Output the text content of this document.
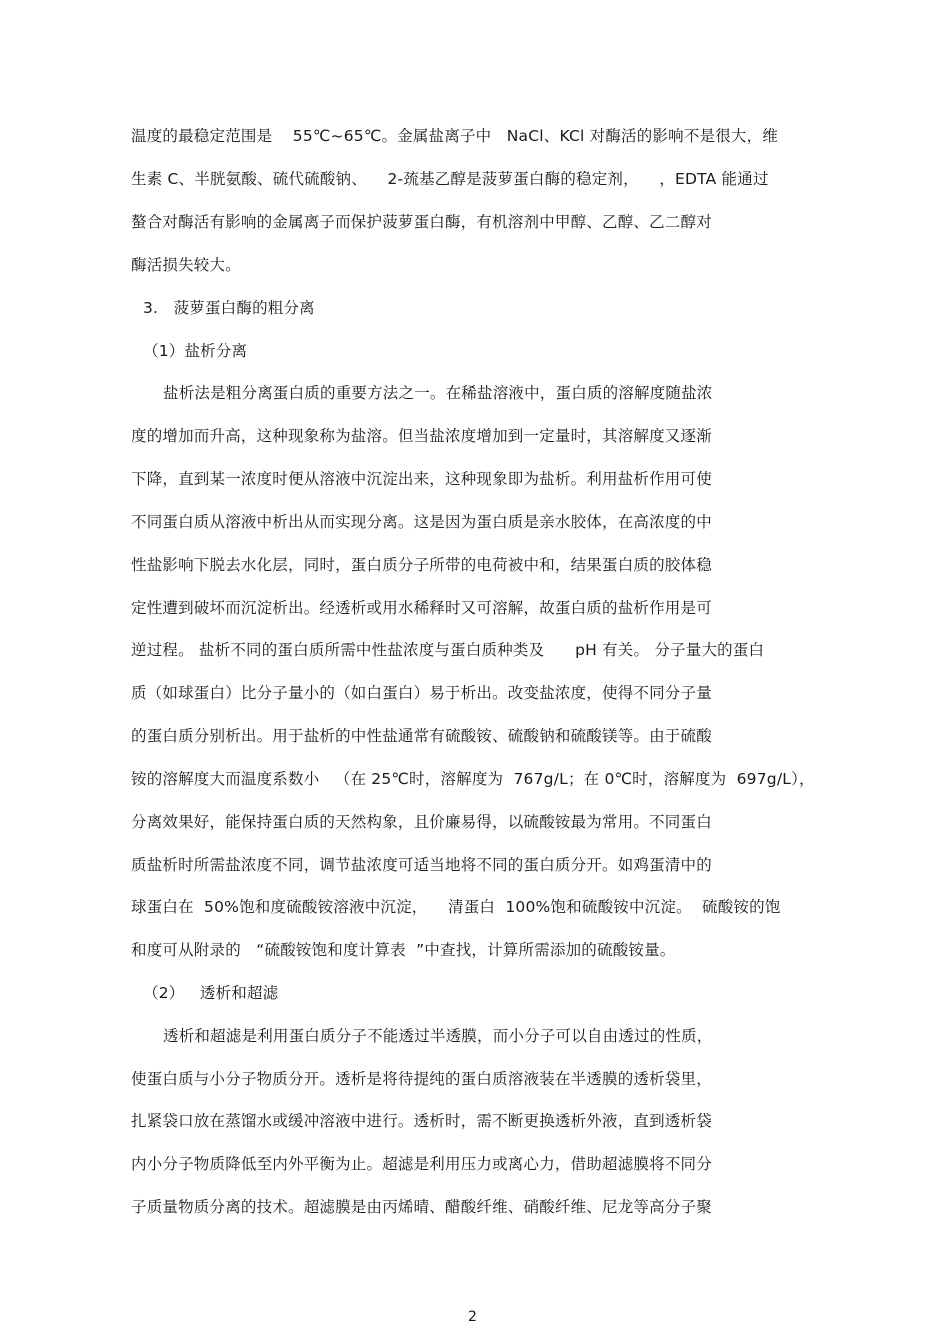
温度的最稳定范围是    55℃~65℃。金属盐离子中   NaCl、KCl 对酶活的影响不是很大，维
生素 C、半胱氨酸、硫代硫酸钠、    2-巯基乙醇是菠萝蛋白酶的稳定剂，    ，EDTA 能通过
螯合对酶活有影响的金属离子而保护菠萝蛋白酶，有机溶剂中甲醇、乙醇、乙二醇对
酶活损失较大。
3.   菠萝蛋白酶的粗分离
（1）盐析分离
盐析法是粗分离蛋白质的重要方法之一。在稀盐溶液中，蛋白质的溶解度随盐浓
度的增加而升高，这种现象称为盐溶。但当盐浓度增加到一定量时，其溶解度又逐渐
下降，直到某一浓度时便从溶液中沉淀出来，这种现象即为盐析。利用盐析作用可使
不同蛋白质从溶液中析出从而实现分离。这是因为蛋白质是亲水胶体，在高浓度的中
性盐影响下脱去水化层，同时，蛋白质分子所带的电荷被中和，结果蛋白质的胶体稳
定性遭到破坏而沉淀析出。经透析或用水稀释时又可溶解，故蛋白质的盐析作用是可
逆过程。 盐析不同的蛋白质所需中性盐浓度与蛋白质种类及      pH 有关。 分子量大的蛋白
质（如球蛋白）比分子量小的（如白蛋白）易于析出。改变盐浓度，使得不同分子量
的蛋白质分别析出。用于盐析的中性盐通常有硫酸铵、硫酸钠和硫酸镁等。由于硫酸
铵的溶解度大而温度系数小   （在 25℃时，溶解度为  767g/L；在 0℃时，溶解度为  697g/L），
分离效果好，能保持蛋白质的天然构象，且价廉易得，以硫酸铵最为常用。不同蛋白
质盐析时所需盐浓度不同，调节盐浓度可适当地将不同的蛋白质分开。如鸡蛋清中的
球蛋白在  50%饱和度硫酸铵溶液中沉淀，    清蛋白  100%饱和硫酸铵中沉淀。  硫酸铵的饱
和度可从附录的   “硫酸铵饱和度计算表  ”中查找，计算所需添加的硫酸铵量。
（2）   透析和超滤
透析和超滤是利用蛋白质分子不能透过半透膜，而小分子可以自由透过的性质，
使蛋白质与小分子物质分开。透析是将待提纯的蛋白质溶液装在半透膜的透析袋里，
扎紧袋口放在蒸馏水或缓冲溶液中进行。透析时，需不断更换透析外液，直到透析袋
内小分子物质降低至内外平衡为止。超滤是利用压力或离心力，借助超滤膜将不同分
子质量物质分离的技术。超滤膜是由丙烯晴、醋酸纤维、硝酸纤维、尼龙等高分子聚
2
